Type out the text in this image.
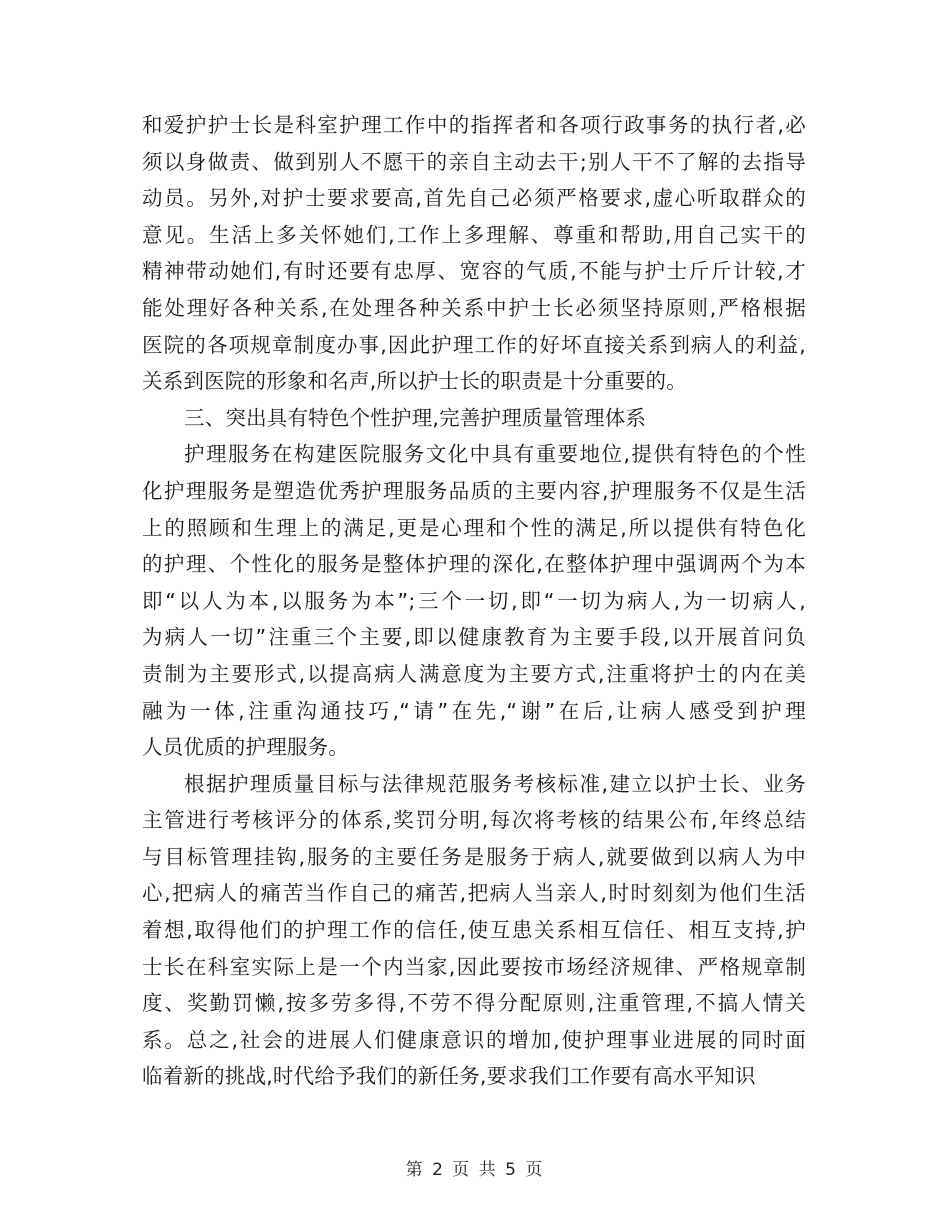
和爱护护士长是科室护理工作中的指挥者和各项行政事务的执行者,必
须以身做责、做到别人不愿干的亲自主动去干;别人干不了解的去指导
动员。另外,对护士要求要高,首先自己必须严格要求,虚心听取群众的
意见。生活上多关怀她们,工作上多理解、尊重和帮助,用自己实干的
精神带动她们,有时还要有忠厚、宽容的气质,不能与护士斤斤计较,才
能处理好各种关系,在处理各种关系中护士长必须坚持原则,严格根据
医院的各项规章制度办事,因此护理工作的好坏直接关系到病人的利益,
关系到医院的形象和名声,所以护士长的职责是十分重要的。

三、突出具有特色个性护理,完善护理质量管理体系

护理服务在构建医院服务文化中具有重要地位,提供有特色的个性
化护理服务是塑造优秀护理服务品质的主要内容,护理服务不仅是生活
上的照顾和生理上的满足,更是心理和个性的满足,所以提供有特色化
的护理、个性化的服务是整体护理的深化,在整体护理中强调两个为本
即“以人为本,以服务为本”;三个一切,即“一切为病人,为一切病人,
为病人一切”注重三个主要,即以健康教育为主要手段,以开展首问负
责制为主要形式,以提高病人满意度为主要方式,注重将护士的内在美
融为一体,注重沟通技巧,“请”在先,“谢”在后,让病人感受到护理
人员优质的护理服务。

根据护理质量目标与法律规范服务考核标准,建立以护士长、业务
主管进行考核评分的体系,奖罚分明,每次将考核的结果公布,年终总结
与目标管理挂钩,服务的主要任务是服务于病人,就要做到以病人为中
心,把病人的痛苦当作自己的痛苦,把病人当亲人,时时刻刻为他们生活
着想,取得他们的护理工作的信任,使互患关系相互信任、相互支持,护
士长在科室实际上是一个内当家,因此要按市场经济规律、严格规章制
度、奖勤罚懒,按多劳多得,不劳不得分配原则,注重管理,不搞人情关
系。总之,社会的进展人们健康意识的增加,使护理事业进展的同时面
临着新的挑战,时代给予我们的新任务,要求我们工作要有高水平知识

第 2 页 共 5 页
